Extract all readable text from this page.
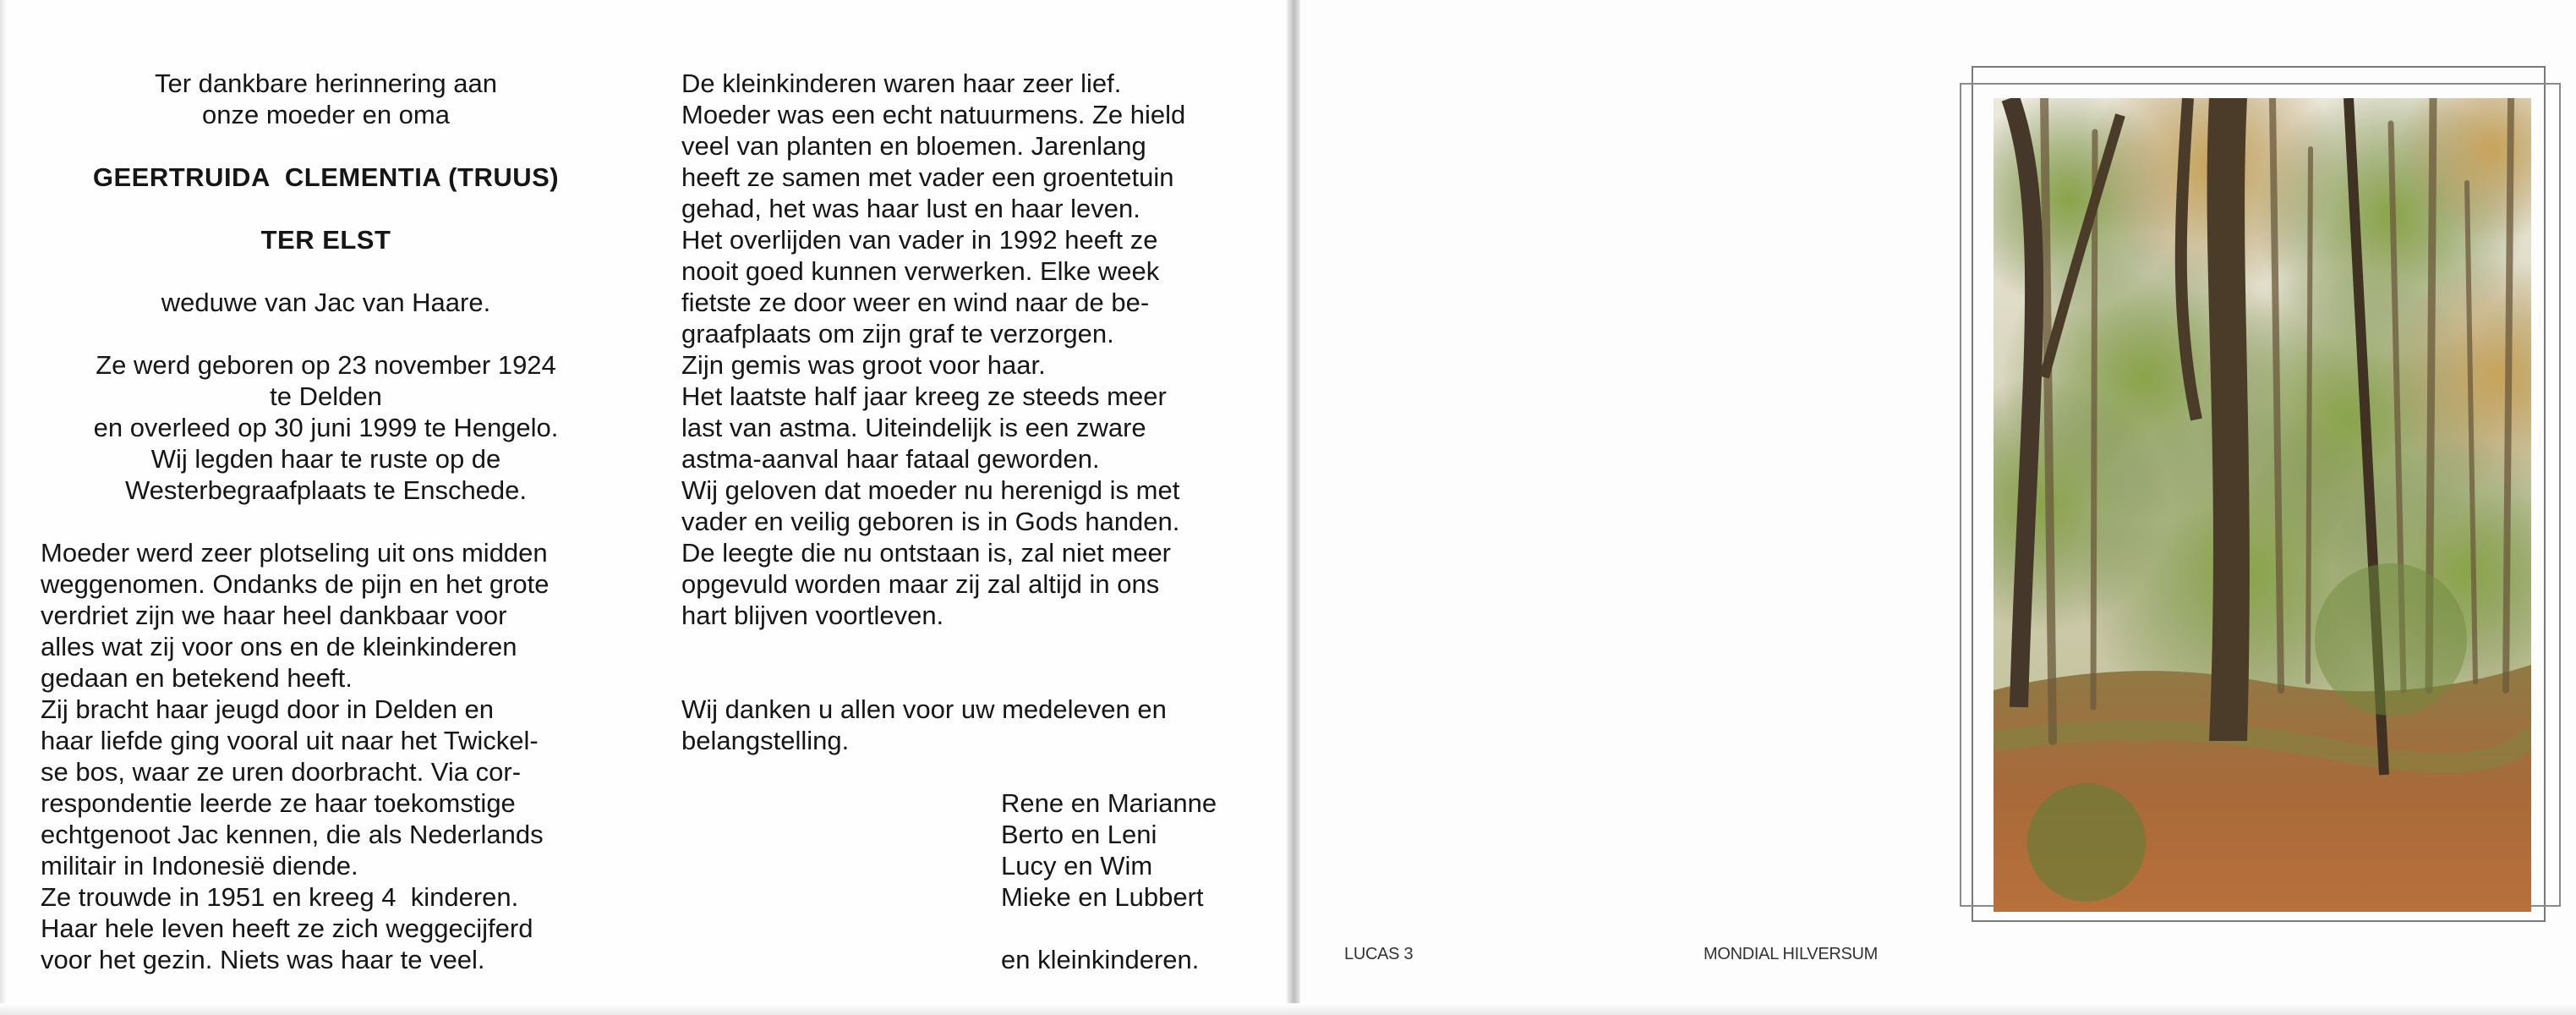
Ter dankbare herinnering aan

onze moeder en oma

GEERTRUIDA  CLEMENTIA (TRUUS)

TER ELST

weduwe van Jac van Haare.

Ze werd geboren op 23 november 1924

te Delden

en overleed op 30 juni 1999 te Hengelo.

Wij legden haar te ruste op de

Westerbegraafplaats te Enschede.

Moeder werd zeer plotseling uit ons midden

weggenomen. Ondanks de pijn en het grote

verdriet zijn we haar heel dankbaar voor

alles wat zij voor ons en de kleinkinderen

gedaan en betekend heeft.

Zij bracht haar jeugd door in Delden en

haar liefde ging vooral uit naar het Twickel-

se bos, waar ze uren doorbracht. Via cor-

respondentie leerde ze haar toekomstige

echtgenoot Jac kennen, die als Nederlands

militair in Indonesië diende.

Ze trouwde in 1951 en kreeg 4  kinderen.

Haar hele leven heeft ze zich weggecijferd

voor het gezin. Niets was haar te veel.

De kleinkinderen waren haar zeer lief.

Moeder was een echt natuurmens. Ze hield

veel van planten en bloemen. Jarenlang

heeft ze samen met vader een groentetuin

gehad, het was haar lust en haar leven.

Het overlijden van vader in 1992 heeft ze

nooit goed kunnen verwerken. Elke week

fietste ze door weer en wind naar de be-

graafplaats om zijn graf te verzorgen.

Zijn gemis was groot voor haar.

Het laatste half jaar kreeg ze steeds meer

last van astma. Uiteindelijk is een zware

astma-aanval haar fataal geworden.

Wij geloven dat moeder nu herenigd is met

vader en veilig geboren is in Gods handen.

De leegte die nu ontstaan is, zal niet meer

opgevuld worden maar zij zal altijd in ons

hart blijven voortleven.

Wij danken u allen voor uw medeleven en

belangstelling.

Rene en Marianne

Berto en Leni

Lucy en Wim

Mieke en Lubbert

en kleinkinderen.	LUCAS 3	MONDIAL HILVERSUM
